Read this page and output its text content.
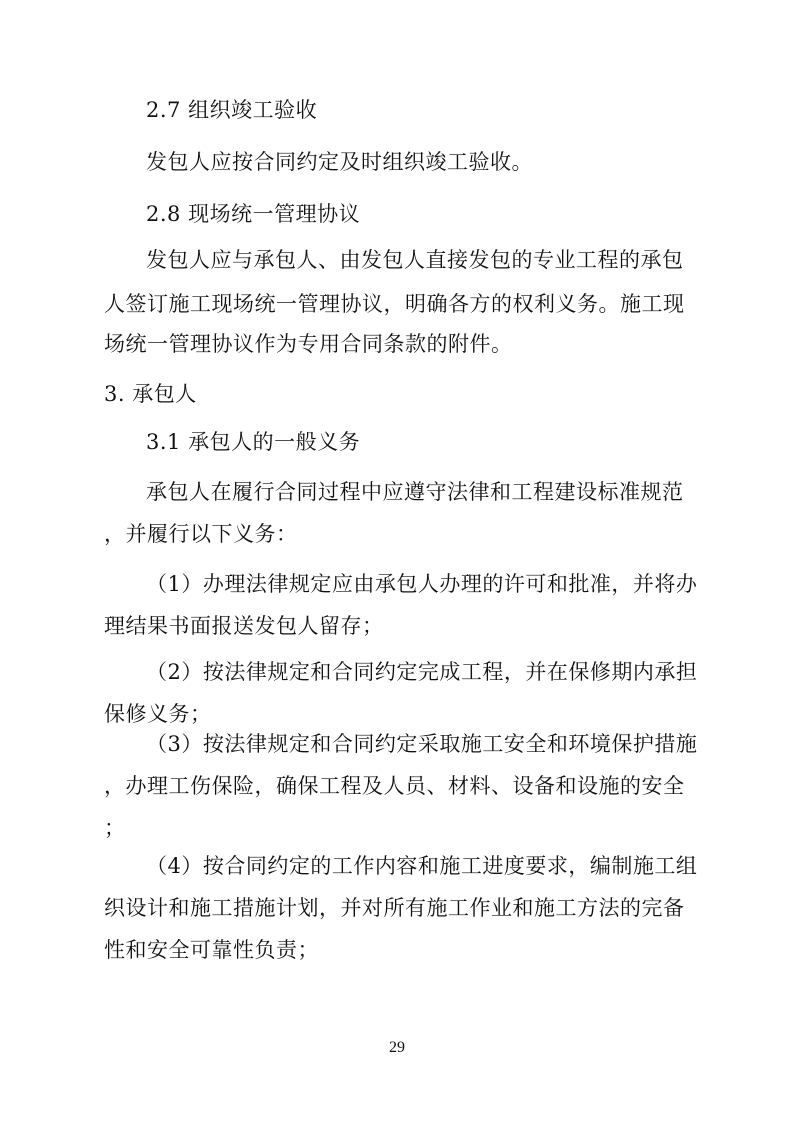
2.7 组织竣工验收
发包人应按合同约定及时组织竣工验收。
2.8 现场统一管理协议
发包人应与承包人、由发包人直接发包的专业工程的承包
人签订施工现场统一管理协议，明确各方的权利义务。施工现
场统一管理协议作为专用合同条款的附件。
3. 承包人
3.1 承包人的一般义务
承包人在履行合同过程中应遵守法律和工程建设标准规范
，并履行以下义务：
（1）办理法律规定应由承包人办理的许可和批准，并将办
理结果书面报送发包人留存；
（2）按法律规定和合同约定完成工程，并在保修期内承担
保修义务；
（3）按法律规定和合同约定采取施工安全和环境保护措施
，办理工伤保险，确保工程及人员、材料、设备和设施的安全
；
（4）按合同约定的工作内容和施工进度要求，编制施工组
织设计和施工措施计划，并对所有施工作业和施工方法的完备
性和安全可靠性负责；
29
